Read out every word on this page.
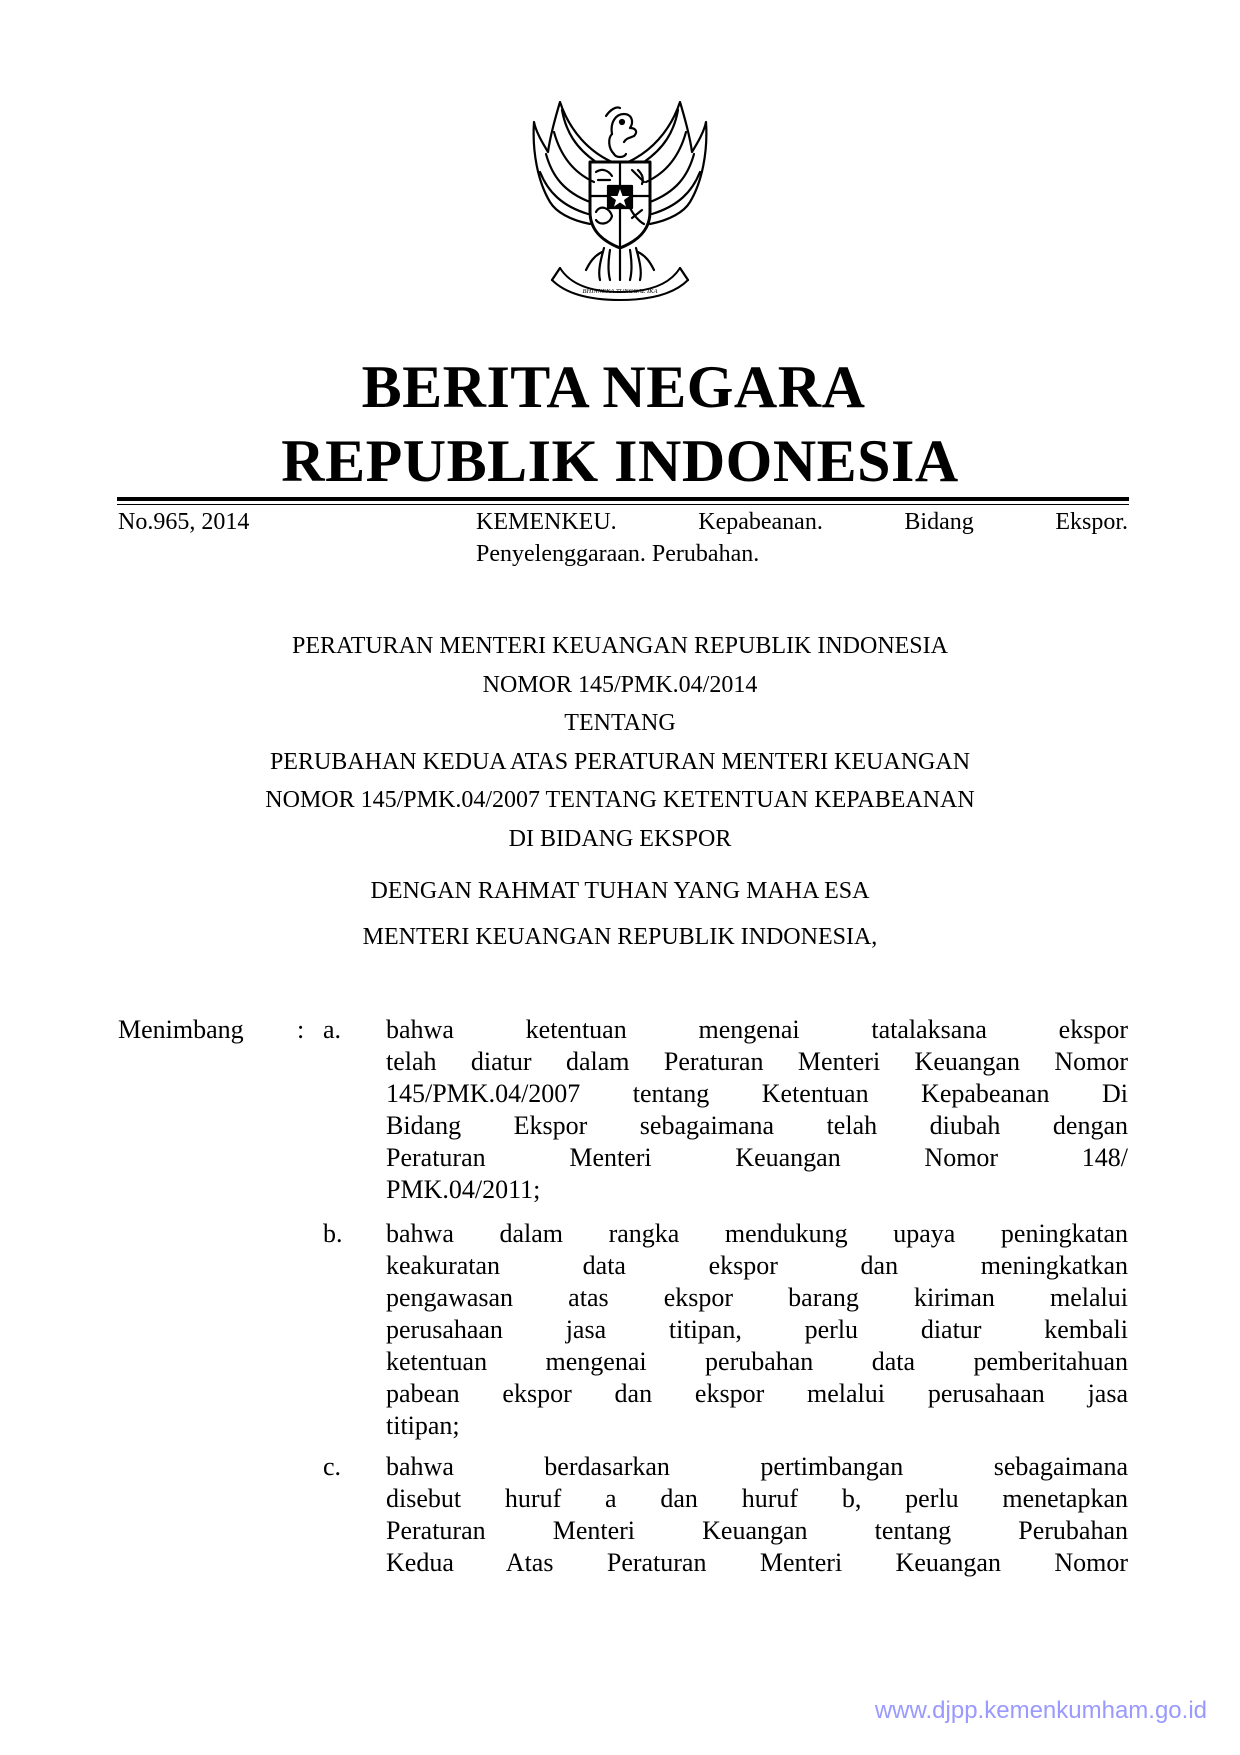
BHINNEKA TUNGGAL IKA
BERITA NEGARA
REPUBLIK INDONESIA
No.965, 2014	KEMENKEU.	Kepabeanan.	Bidang	Ekspor.
Penyelenggaraan. Perubahan.
PERATURAN MENTERI KEUANGAN REPUBLIK INDONESIA
NOMOR 145/PMK.04/2014
TENTANG
PERUBAHAN KEDUA ATAS PERATURAN MENTERI KEUANGAN
NOMOR 145/PMK.04/2007 TENTANG KETENTUAN KEPABEANAN
DI BIDANG EKSPOR
DENGAN RAHMAT TUHAN YANG MAHA ESA
MENTERI KEUANGAN REPUBLIK INDONESIA,
Menimbang : a. bahwa ketentuan mengenai tatalaksana ekspor
telah diatur dalam Peraturan Menteri Keuangan Nomor
145/PMK.04/2007 tentang Ketentuan Kepabeanan Di
Bidang Ekspor sebagaimana telah diubah dengan
Peraturan Menteri Keuangan Nomor 148/
PMK.04/2011;
b. bahwa dalam rangka mendukung upaya peningkatan
keakuratan data ekspor dan meningkatkan
pengawasan atas ekspor barang kiriman melalui
perusahaan jasa titipan, perlu diatur kembali
ketentuan mengenai perubahan data pemberitahuan
pabean ekspor dan ekspor melalui perusahaan jasa
titipan;
c. bahwa berdasarkan pertimbangan sebagaimana
disebut huruf a dan huruf b, perlu menetapkan
Peraturan Menteri Keuangan tentang Perubahan
Kedua Atas Peraturan Menteri Keuangan Nomor
www.djpp.kemenkumham.go.id
